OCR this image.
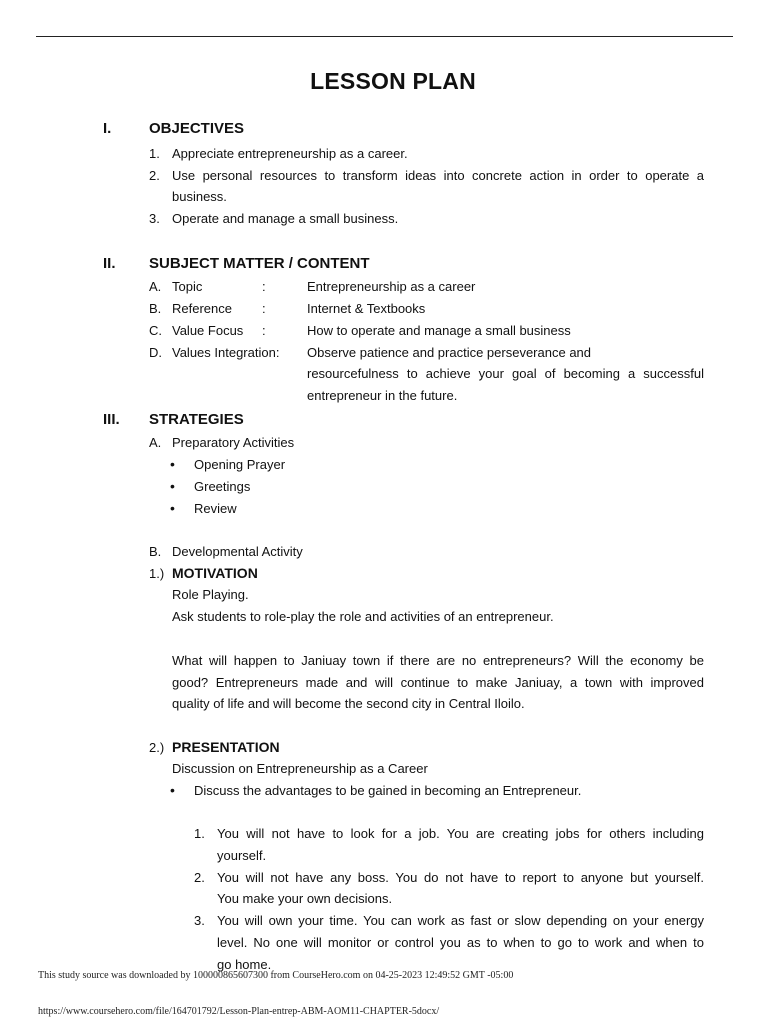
LESSON PLAN
I.	OBJECTIVES
1. Appreciate entrepreneurship as a career.
2. Use personal resources to transform ideas into concrete action in order to operate a
business.
3. Operate and manage a small business.
II. SUBJECT MATTER / CONTENT
A. Topic	:	Entrepreneurship as a career
B. Reference :	Internet & Textbooks
C. Value Focus :	How to operate and manage a small business
D. Values Integration: Observe patience and practice perseverance and
resourcefulness to achieve your goal of becoming a successful
entrepreneur in the future.
III. STRATEGIES
A. Preparatory Activities
• Opening Prayer
• Greetings
• Review
B. Developmental Activity
1.) MOTIVATION
Role Playing.
Ask students to role-play the role and activities of an entrepreneur.
What will happen to Janiuay town if there are no entrepreneurs? Will the economy be
good? Entrepreneurs made and will continue to make Janiuay, a town with improved
quality of life and will become the second city in Central Iloilo.
2.) PRESENTATION
Discussion on Entrepreneurship as a Career
• Discuss the advantages to be gained in becoming an Entrepreneur.
1. You will not have to look for a job. You are creating jobs for others including
yourself.
2. You will not have any boss. You do not have to report to anyone but yourself.
You make your own decisions.
3. You will own your time. You can work as fast or slow depending on your energy
level. No one will monitor or control you as to when to go to work and when to
go home.
This study source was downloaded by 100000865607300 from CourseHero.com on 04-25-2023 12:49:52 GMT -05:00
https://www.coursehero.com/file/164701792/Lesson-Plan-entrep-ABM-AOM11-CHAPTER-5docx/
